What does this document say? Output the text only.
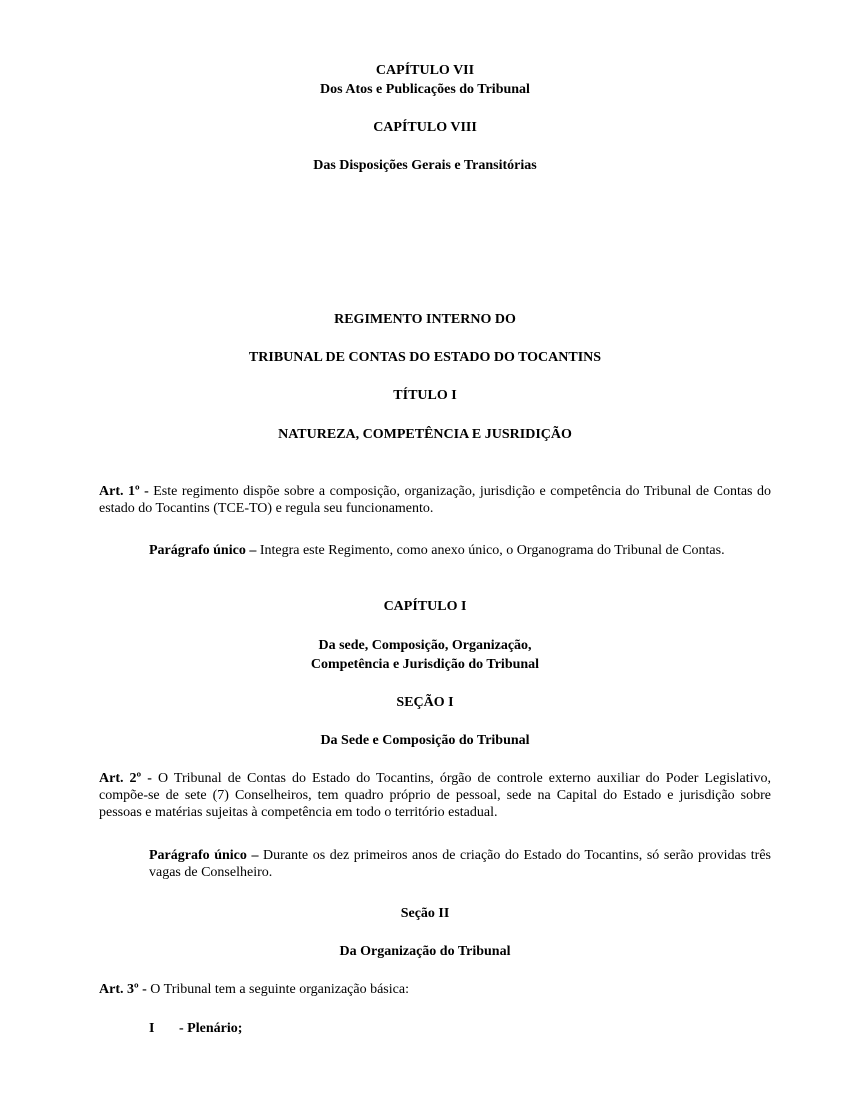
CAPÍTULO VII
Dos Atos e Publicações do Tribunal
CAPÍTULO VIII
Das Disposições Gerais e Transitórias
REGIMENTO INTERNO DO
TRIBUNAL DE CONTAS DO ESTADO DO TOCANTINS
TÍTULO I
NATUREZA, COMPETÊNCIA E JUSRIDIÇÃO
Art. 1º - Este regimento dispõe sobre a composição, organização, jurisdição e competência do Tribunal de Contas do estado do Tocantins (TCE-TO) e regula seu funcionamento.
Parágrafo único – Integra este Regimento, como anexo único, o Organograma do Tribunal de Contas.
CAPÍTULO I
Da sede, Composição, Organização,
Competência e Jurisdição do Tribunal
SEÇÃO I
Da Sede e Composição do Tribunal
Art. 2º - O Tribunal de Contas do Estado do Tocantins, órgão de controle externo auxiliar do Poder Legislativo, compõe-se de sete (7) Conselheiros, tem quadro próprio de pessoal, sede na Capital do Estado e jurisdição sobre pessoas e matérias sujeitas à competência em todo o território estadual.
Parágrafo único – Durante os dez primeiros anos de criação do Estado do Tocantins, só serão providas três vagas de Conselheiro.
Seção II
Da Organização do Tribunal
Art. 3º - O Tribunal tem a seguinte organização básica:
I - Plenário;
